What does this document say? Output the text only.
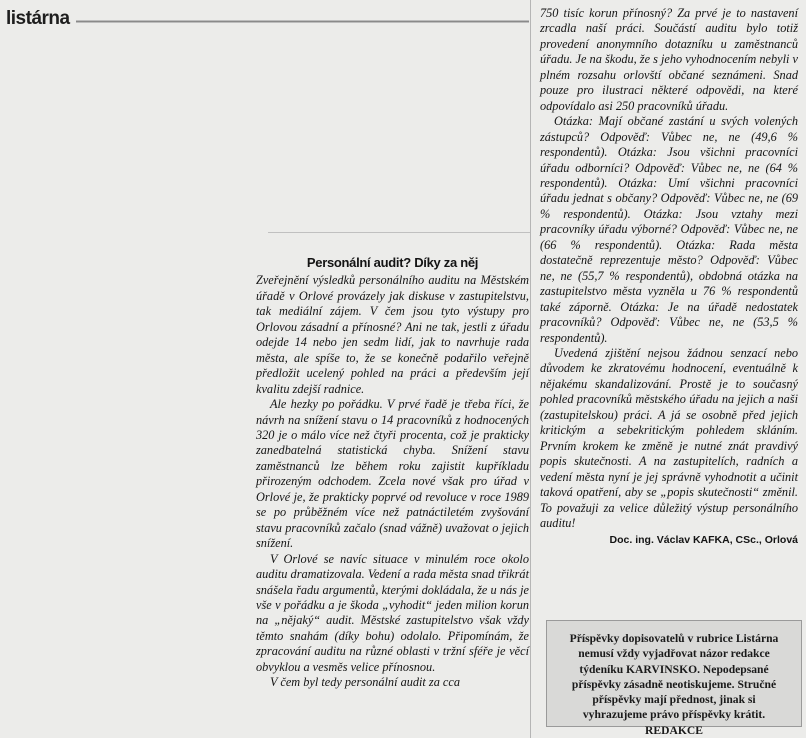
listárna
Personální audit? Díky za něj

Zveřejnění výsledků personálního auditu na Městském úřadě v Orlové provázely jak diskuse v zastupitelstvu, tak mediální zájem. V čem jsou tyto výstupy pro Orlovou zásadní a přínosné? Ani ne tak, jestli z úřadu odejde 14 nebo jen sedm lidí, jak to navrhuje rada města, ale spíše to, že se konečně podařilo veřejně předložit ucelený pohled na práci a především její kvalitu zdejší radnice.

Ale hezky po pořádku. V prvé řadě je třeba říci, že návrh na snížení stavu o 14 pracovníků z hodnocených 320 je o málo více než čtyři procenta, což je prakticky zanedbatelná statistická chyba. Snížení stavu zaměstnanců lze během roku zajistit kupříkladu přirozeným odchodem. Zcela nové však pro úřad v Orlové je, že prakticky poprvé od revoluce v roce 1989 se po průběžném více než patnáctiletém zvyšování stavu pracovníků začalo (snad vážně) uvažovat o jejich snížení.

V Orlové se navíc situace v minulém roce okolo auditu dramatizovala. Vedení a rada města snad třikrát snášela řadu argumentů, kterými dokládala, že u nás je vše v pořádku a je škoda „vyhodit“ jeden milion korun na „nějaký“ audit. Městské zastupitelstvo však vždy těmto snahám (díky bohu) odolalo. Připomínám, že zpracování auditu na různé oblasti v tržní sféře je věcí obvyklou a vesměs velice přínosnou.

V čem byl tedy personální audit za cca

750 tisíc korun přínosný? Za prvé je to nastavení zrcadla naší práci. Součástí auditu bylo totiž provedení anonymního dotazníku u zaměstnanců úřadu. Je na škodu, že s jeho vyhodnocením nebyli v plném rozsahu orlovští občané seznámeni. Snad pouze pro ilustraci některé odpovědi, na které odpovídalo asi 250 pracovníků úřadu.

Otázka: Mají občané zastání u svých volených zástupců? Odpověď: Vůbec ne, ne (49,6 % respondentů). Otázka: Jsou všichni pracovníci úřadu odborníci? Odpověď: Vůbec ne, ne (64 % respondentů). Otázka: Umí všichni pracovníci úřadu jednat s občany? Odpověď: Vůbec ne, ne (69 % respondentů). Otázka: Jsou vztahy mezi pracovníky úřadu výborné? Odpověď: Vůbec ne, ne (66 % respondentů). Otázka: Rada města dostatečně reprezentuje město? Odpověď: Vůbec ne, ne (55,7 % respondentů), obdobná otázka na zastupitelstvo města vyzněla u 76 % respondentů také záporně. Otázka: Je na úřadě nedostatek pracovníků? Odpověď: Vůbec ne, ne (53,5 % respondentů).

Uvedená zjištění nejsou žádnou senzací nebo důvodem ke zkratovému hodnocení, eventuálně k nějakému skandalizování. Prostě je to současný pohled pracovníků městského úřadu na jejich a naši (zastupitelskou) práci. A já se osobně před jejich kritickým a sebekritickým pohledem skláním. Prvním krokem ke změně je nutné znát pravdivý popis skutečnosti. A na zastupitelích, radních a vedení města nyní je jej správně vyhodnotit a učinit taková opatření, aby se „popis skutečnosti“ změnil. To považuji za velice důležitý výstup personálního auditu!

Doc. ing. Václav KAFKA, CSc., Orlová
Příspěvky dopisovatelů v rubrice Listárna nemusí vždy vyjadřovat názor redakce týdeníku KARVINSKO. Nepodepsané příspěvky zásadně neotiskujeme. Stručné příspěvky mají přednost, jinak si vyhrazujeme právo příspěvky krátit. REDAKCE
